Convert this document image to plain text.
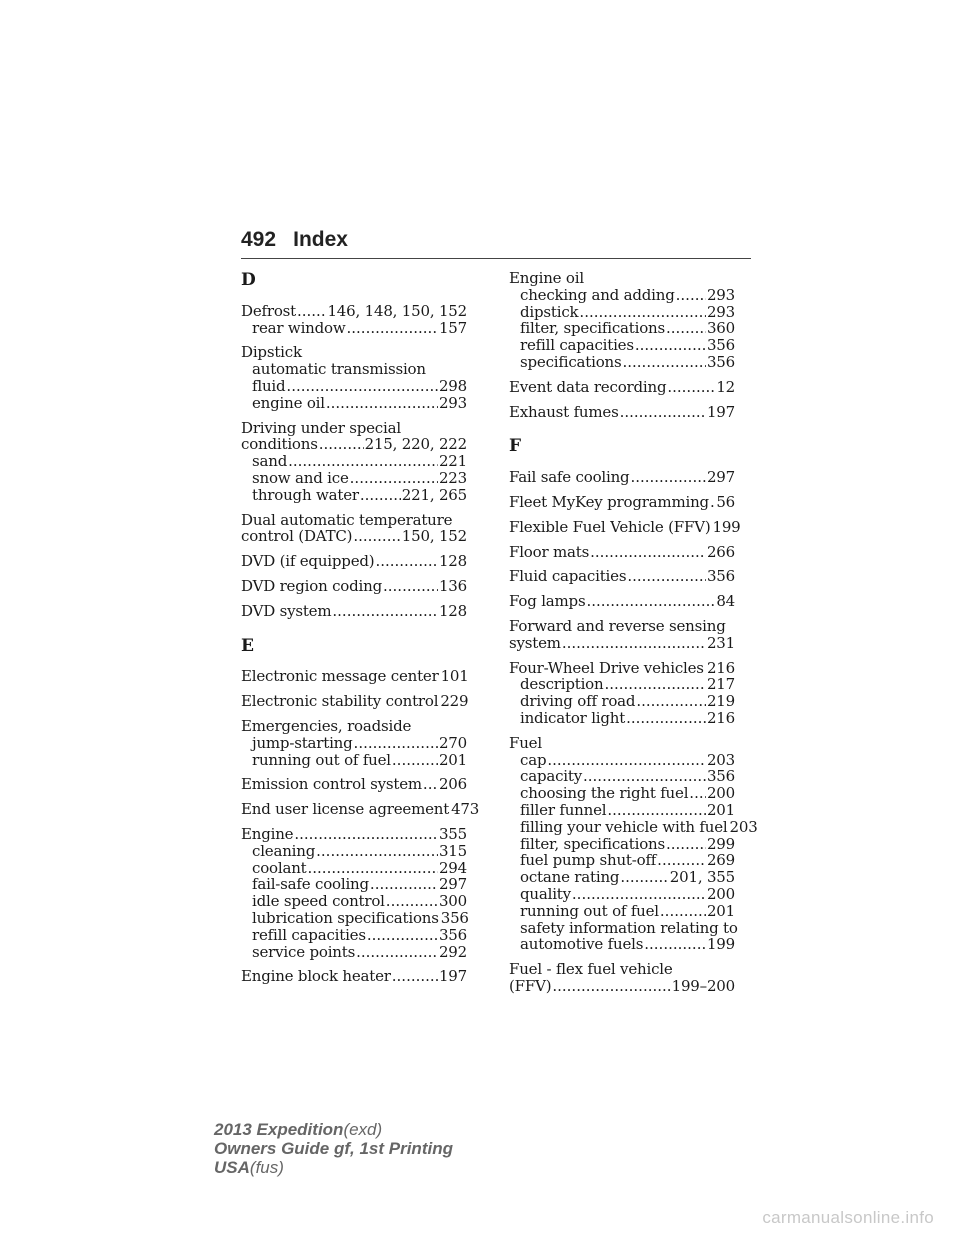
492 Index
D
Defrost ..... 146, 148, 150, 152
rear window .....	157
Dipstick
automatic transmission
fluid .....	298
engine oil .....	293
Driving under special
conditions .....	215, 220, 222
sand .....	221
snow and ice .....	223
through water .....	221, 265
Dual automatic temperature
control (DATC) .....	150, 152
DVD (if equipped) .....	128
DVD region coding .....	136
DVD system .....	128
E
Electronic message center 101
Electronic stability control 229
Emergencies, roadside
jump-starting .....	270
running out of fuel .....	201
Emission control system ..... 206
End user license agreement 473
Engine .....	355
cleaning .....	315
coolant .....	294
fail-safe cooling .....	297
idle speed control .....	300
lubrication specifications 356
refill capacities .....	356
service points .....	292
Engine block heater .....	197
Engine oil
checking and adding ..... 293
dipstick .....	293
filter, specifications .....	360
refill capacities .....	356
specifications .....	356
Event data recording .....	12
Exhaust fumes .....	197
F
Fail safe cooling .....	297
Fleet MyKey programming ..... 56
Flexible Fuel Vehicle (FFV) 199
Floor mats .....	266
Fluid capacities .....	356
Fog lamps .....	84
Forward and reverse sensing
system .....	231
Four-Wheel Drive vehicles ..... 216
description .....	217
driving off road .....	219
indicator light .....	216
Fuel
cap .....	203
capacity .....	356
choosing the right fuel ..... 200
filler funnel .....	201
filling your vehicle with fuel 203
filter, specifications .....	299
fuel pump shut-off .....	269
octane rating .....	201, 355
quality .....	200
running out of fuel .....	201
safety information relating to
automotive fuels .....	199
Fuel - flex fuel vehicle
(FFV) .....	199–200
2013 Expedition(exd)
Owners Guide gf, 1st Printing
USA(fus)
carmanualsonline.info
